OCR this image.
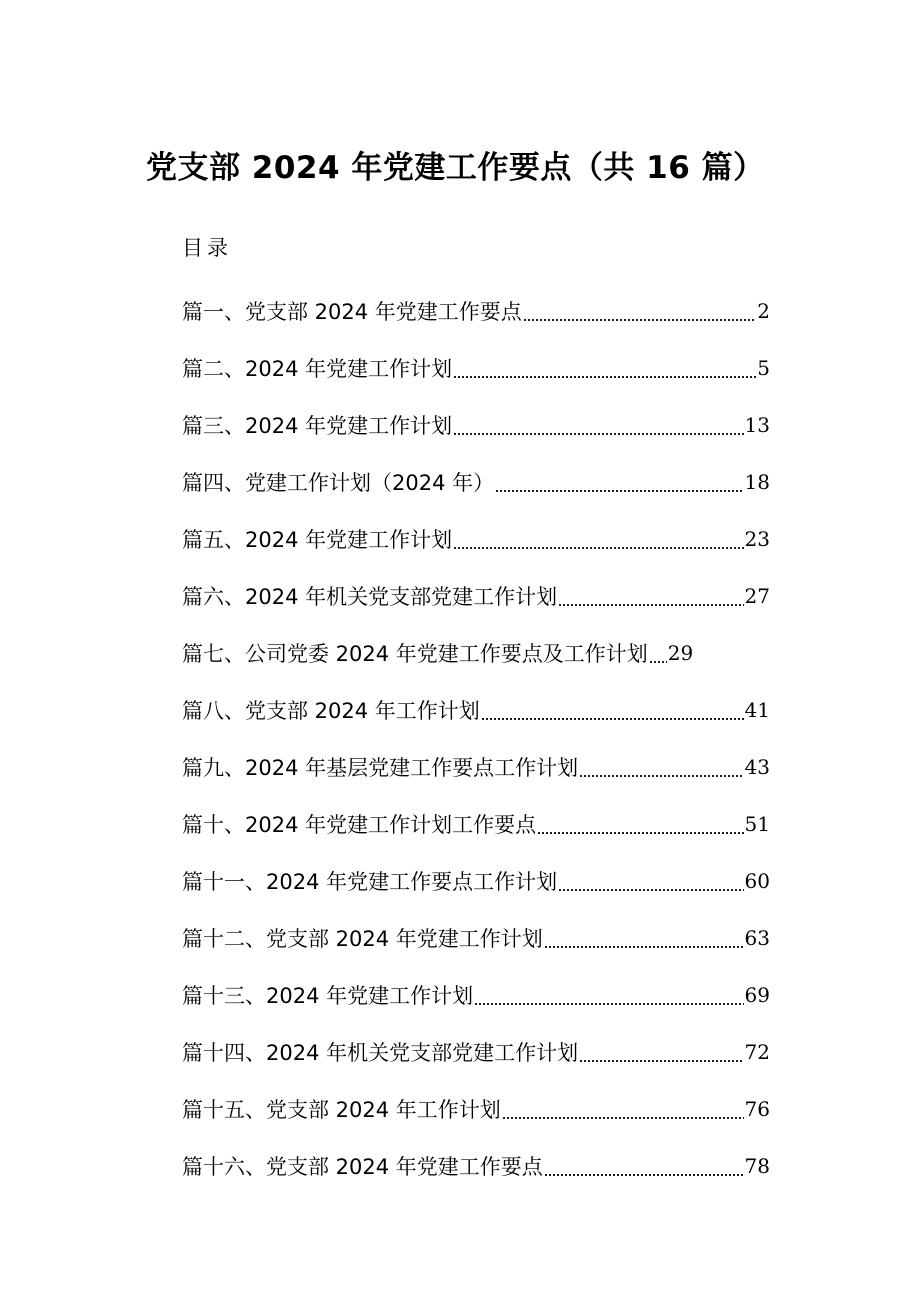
党支部 2024 年党建工作要点（共 16 篇）
目录
篇一、党支部 2024 年党建工作要点	2
篇二、2024 年党建工作计划	5
篇三、2024 年党建工作计划	13
篇四、党建工作计划（2024 年）	18
篇五、2024 年党建工作计划	23
篇六、2024 年机关党支部党建工作计划	27
篇七、公司党委 2024 年党建工作要点及工作计划 29
篇八、党支部 2024 年工作计划	41
篇九、2024 年基层党建工作要点工作计划	43
篇十、2024 年党建工作计划工作要点	51
篇十一、2024 年党建工作要点工作计划	60
篇十二、党支部 2024 年党建工作计划	63
篇十三、2024 年党建工作计划	69
篇十四、2024 年机关党支部党建工作计划	72
篇十五、党支部 2024 年工作计划	76
篇十六、党支部 2024 年党建工作要点	78
